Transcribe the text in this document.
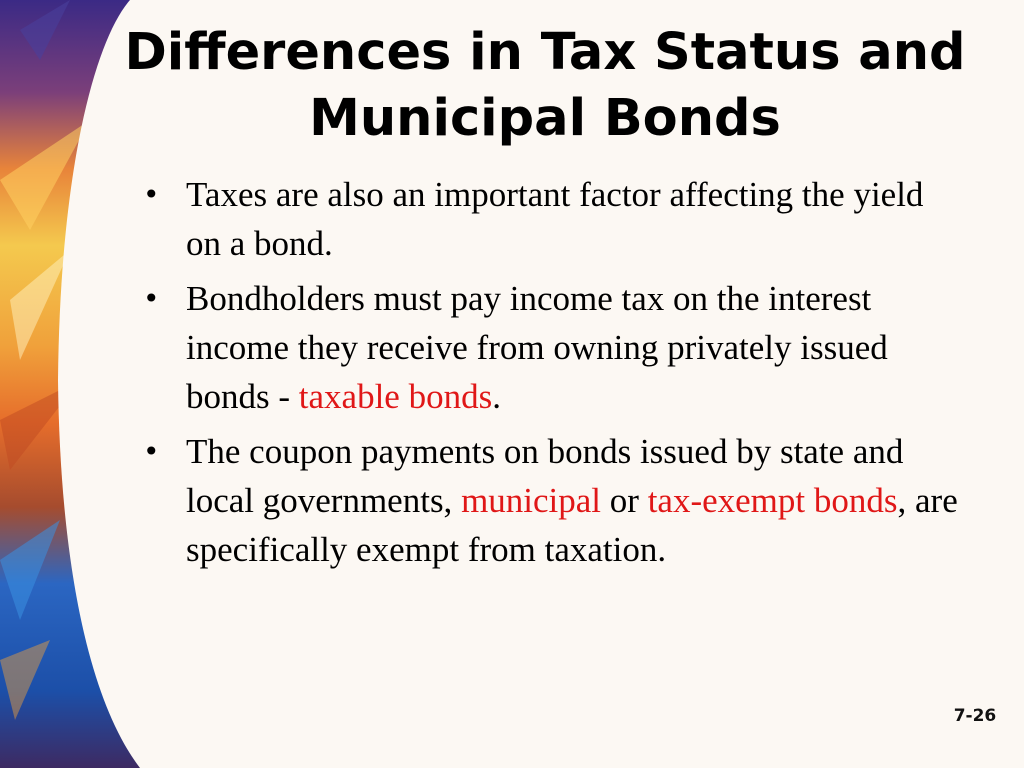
Differences in Tax Status and
Municipal Bonds
• Taxes are also an important factor affecting the yield on a bond.
• Bondholders must pay income tax on the interest income they receive from owning privately issued bonds - taxable bonds.
• The coupon payments on bonds issued by state and local governments, municipal or tax-exempt bonds, are specifically exempt from taxation.
7-26
